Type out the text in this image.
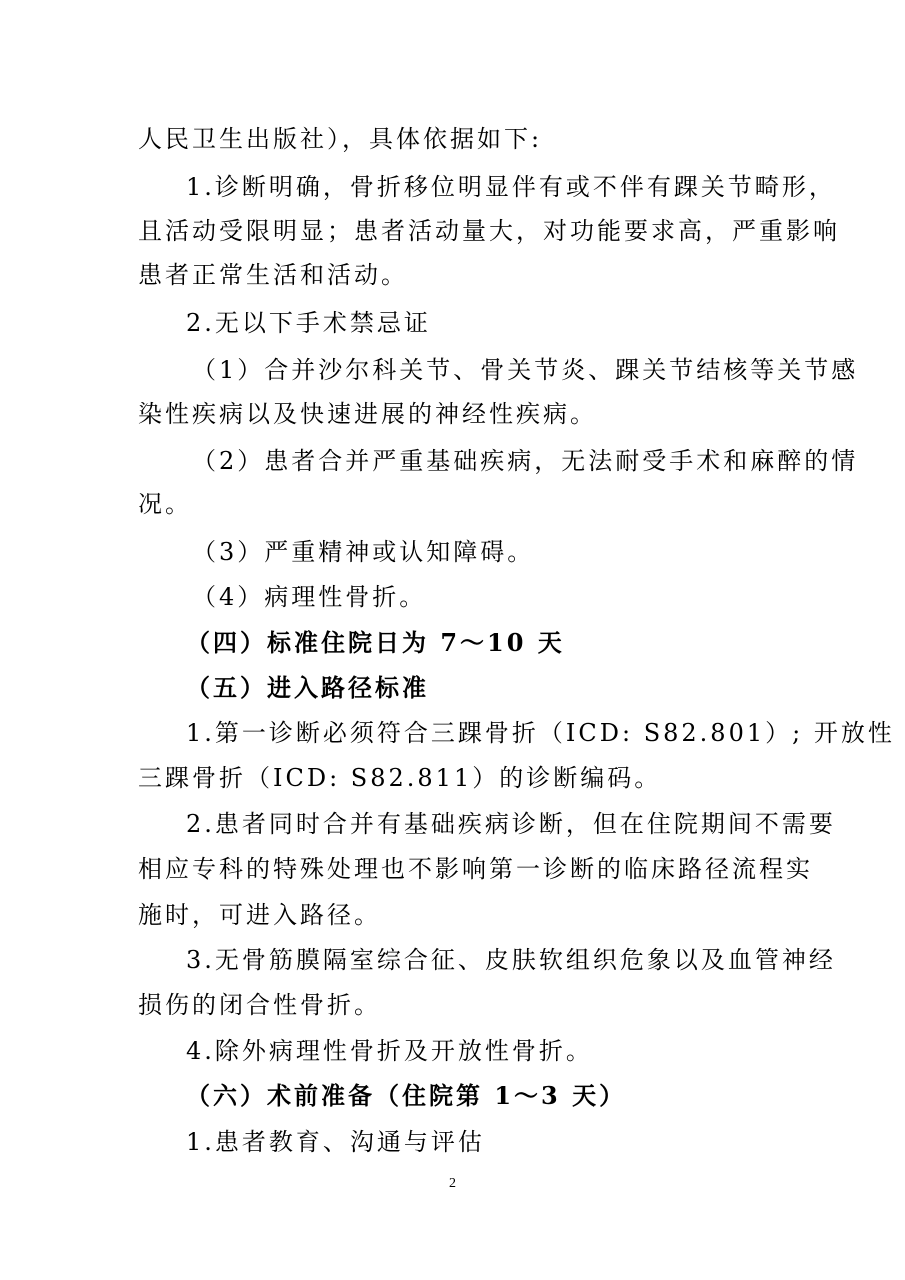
人民卫生出版社），具体依据如下:
1.诊断明确，骨折移位明显伴有或不伴有踝关节畸形，
且活动受限明显；患者活动量大，对功能要求高，严重影响
患者正常生活和活动。
2.无以下手术禁忌证
（1）合并沙尔科关节、骨关节炎、踝关节结核等关节感
染性疾病以及快速进展的神经性疾病。
（2）患者合并严重基础疾病，无法耐受手术和麻醉的情
况。
（3）严重精神或认知障碍。
（4）病理性骨折。
（四）标准住院日为 7～10 天
（五）进入路径标准
1.第一诊断必须符合三踝骨折（ICD: S82.801）; 开放性
三踝骨折（ICD: S82.811）的诊断编码。
2.患者同时合并有基础疾病诊断，但在住院期间不需要
相应专科的特殊处理也不影响第一诊断的临床路径流程实
施时，可进入路径。
3.无骨筋膜隔室综合征、皮肤软组织危象以及血管神经
损伤的闭合性骨折。
4.除外病理性骨折及开放性骨折。
（六）术前准备（住院第 1～3 天）
1.患者教育、沟通与评估
2
